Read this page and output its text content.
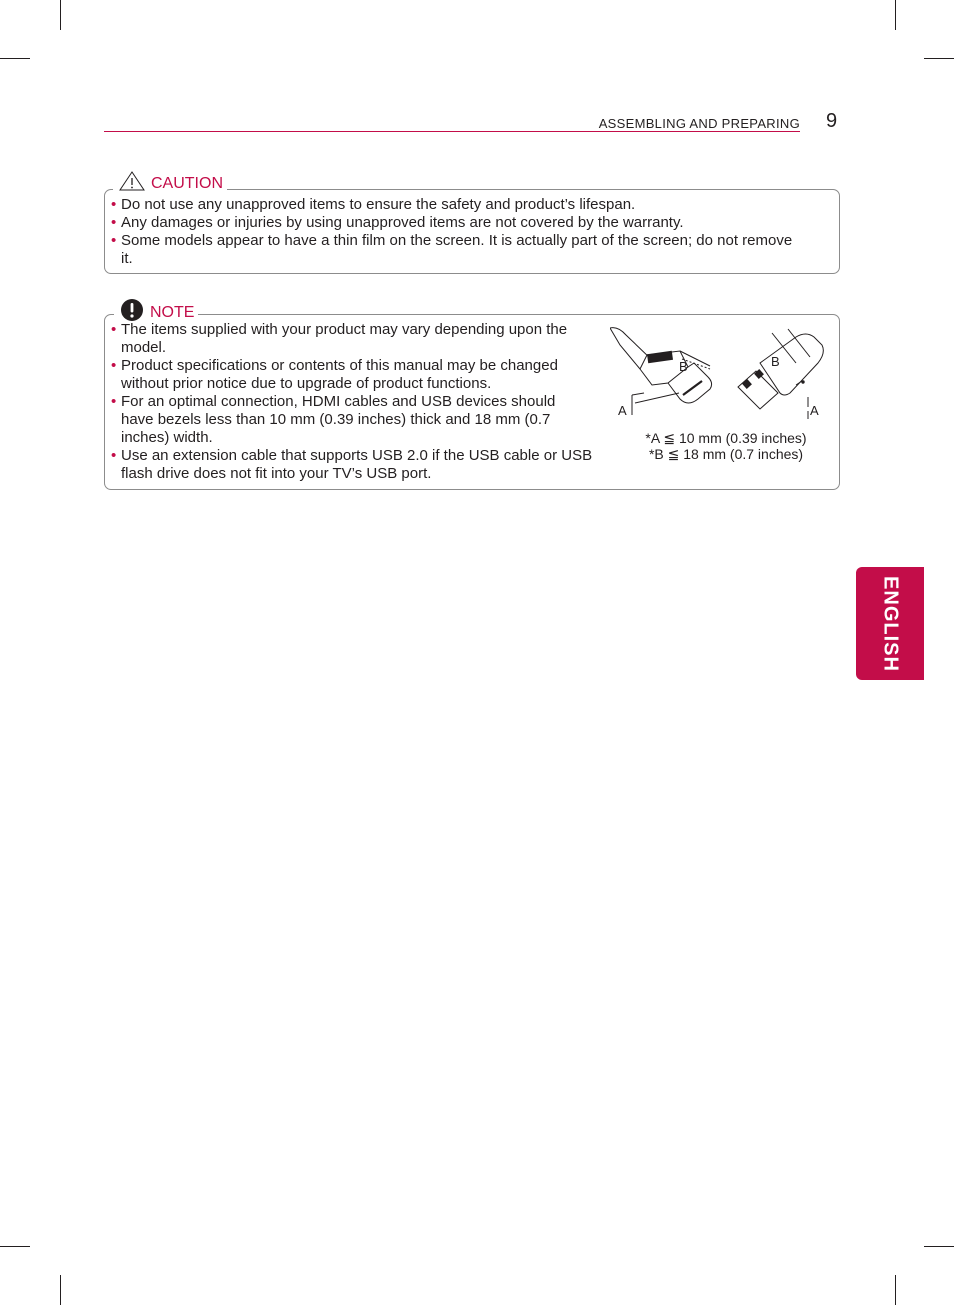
ASSEMBLING AND PREPARING 9
CAUTION
• Do not use any unapproved items to ensure the safety and product’s lifespan.
• Any damages or injuries by using unapproved items are not covered by the warranty.
• Some models appear to have a thin film on the screen. It is actually part of the screen; do not remove it.
NOTE
• The items supplied with your product may vary depending upon the model.
• Product specifications or contents of this manual may be changed without prior notice due to upgrade of product functions.
• For an optimal connection, HDMI cables and USB devices should have bezels less than 10 mm (0.39 inches) thick and 18 mm (0.7 inches) width.
• Use an extension cable that supports USB 2.0 if the USB cable or USB flash drive does not fit into your TV’s USB port.
B
A
B
A
*A ≦ 10 mm (0.39 inches)
*B ≦ 18 mm (0.7 inches)
ENGLISH
